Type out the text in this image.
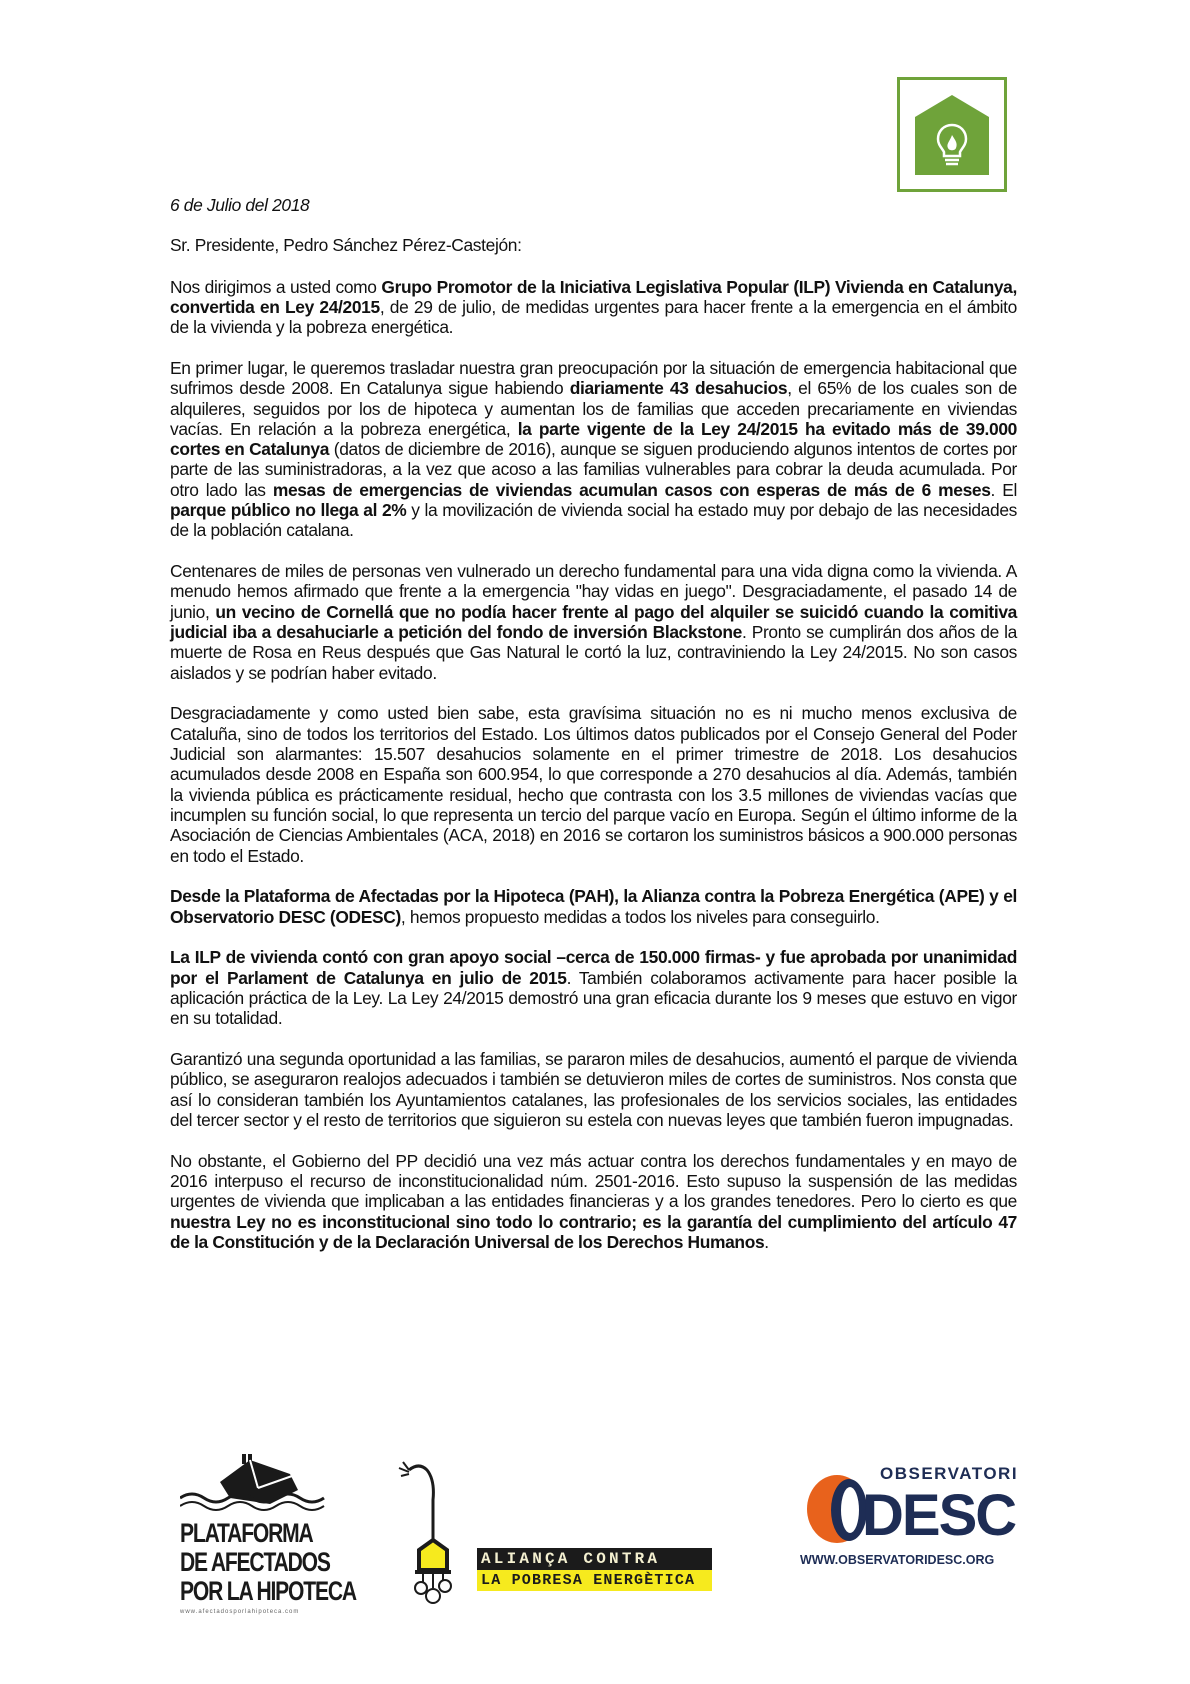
6 de Julio del 2018

Sr. Presidente, Pedro Sánchez Pérez-Castejón:

Nos dirigimos a usted como Grupo Promotor de la Iniciativa Legislativa Popular (ILP) Vivienda en Catalunya, convertida en Ley 24/2015, de 29 de julio, de medidas urgentes para hacer frente a la emergencia en el ámbito de la vivienda y la pobreza energética.

En primer lugar, le queremos trasladar nuestra gran preocupación por la situación de emergencia habitacional que sufrimos desde 2008. En Catalunya sigue habiendo diariamente 43 desahucios, el 65% de los cuales son de alquileres, seguidos por los de hipoteca y aumentan los de familias que acceden precariamente en viviendas vacías. En relación a la pobreza energética, la parte vigente de la Ley 24/2015 ha evitado más de 39.000 cortes en Catalunya (datos de diciembre de 2016), aunque se siguen produciendo algunos intentos de cortes por parte de las suministradoras, a la vez que acoso a las familias vulnerables para cobrar la deuda acumulada. Por otro lado las mesas de emergencias de viviendas acumulan casos con esperas de más de 6 meses. El parque público no llega al 2% y la movilización de vivienda social ha estado muy por debajo de las necesidades de la población catalana.

Centenares de miles de personas ven vulnerado un derecho fundamental para una vida digna como la vivienda. A menudo hemos afirmado que frente a la emergencia "hay vidas en juego". Desgraciadamente, el pasado 14 de junio, un vecino de Cornellá que no podía hacer frente al pago del alquiler se suicidó cuando la comitiva judicial iba a desahuciarle a petición del fondo de inversión Blackstone. Pronto se cumplirán dos años de la muerte de Rosa en Reus después que Gas Natural le cortó la luz, contraviniendo la Ley 24/2015. No son casos aislados y se podrían haber evitado.

Desgraciadamente y como usted bien sabe, esta gravísima situación no es ni mucho menos exclusiva de Cataluña, sino de todos los territorios del Estado. Los últimos datos publicados por el Consejo General del Poder Judicial son alarmantes: 15.507 desahucios solamente en el primer trimestre de 2018. Los desahucios acumulados desde 2008 en España son 600.954, lo que corresponde a 270 desahucios al día. Además, también la vivienda pública es prácticamente residual, hecho que contrasta con los 3.5 millones de viviendas vacías que incumplen su función social, lo que representa un tercio del parque vacío en Europa. Según el último informe de la Asociación de Ciencias Ambientales (ACA, 2018) en 2016 se cortaron los suministros básicos a 900.000 personas en todo el Estado.

Desde la Plataforma de Afectadas por la Hipoteca (PAH), la Alianza contra la Pobreza Energética (APE) y el Observatorio DESC (ODESC), hemos propuesto medidas a todos los niveles para conseguirlo.

La ILP de vivienda contó con gran apoyo social –cerca de 150.000 firmas- y fue aprobada por unanimidad por el Parlament de Catalunya en julio de 2015. También colaboramos activamente para hacer posible la aplicación práctica de la Ley. La Ley 24/2015 demostró una gran eficacia durante los 9 meses que estuvo en vigor en su totalidad.

Garantizó una segunda oportunidad a las familias, se pararon miles de desahucios, aumentó el parque de vivienda público, se aseguraron realojos adecuados i también se detuvieron miles de cortes de suministros. Nos consta que así lo consideran también los Ayuntamientos catalanes, las profesionales de los servicios sociales, las entidades del tercer sector y el resto de territorios que siguieron su estela con nuevas leyes que también fueron impugnadas.

No obstante, el Gobierno del PP decidió una vez más actuar contra los derechos fundamentales y en mayo de 2016 interpuso el recurso de inconstitucionalidad núm. 2501-2016. Esto supuso la suspensión de las medidas urgentes de vivienda que implicaban a las entidades financieras y a los grandes tenedores. Pero lo cierto es que nuestra Ley no es inconstitucional sino todo lo contrario; es la garantía del cumplimiento del artículo 47 de la Constitución y de la Declaración Universal de los Derechos Humanos.

PLATAFORMA
DE AFECTADOS
POR LA HIPOTECA
www.afectadosporlahipoteca.com
ALIANÇA CONTRA
LA POBRESA ENERGÈTICA
OBSERVATORI
DESC
WWW.OBSERVATORIDESC.ORG
